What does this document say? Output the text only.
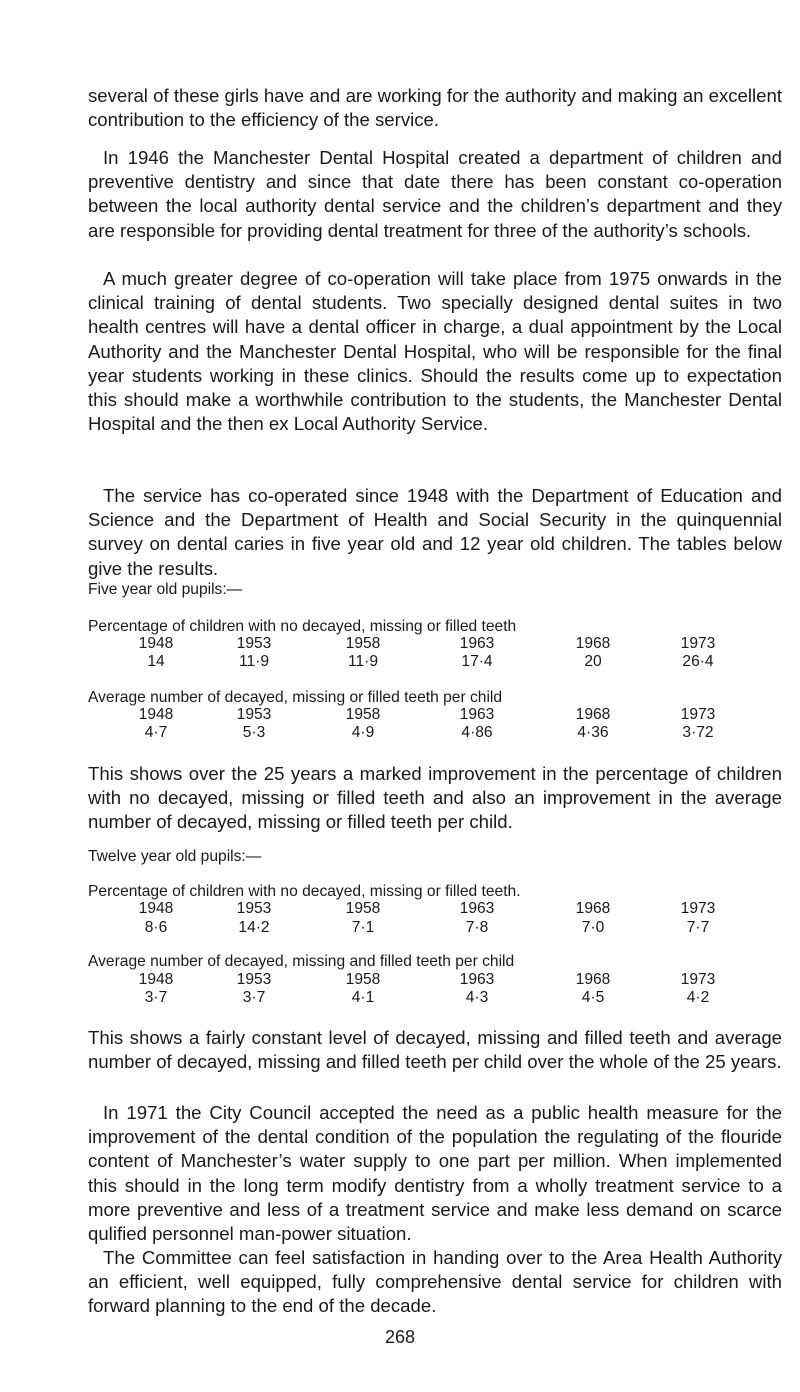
several of these girls have and are working for the authority and making an excellent contribution to the efficiency of the service.

In 1946 the Manchester Dental Hospital created a department of children and preventive dentistry and since that date there has been constant co-operation between the local authority dental service and the children’s department and they are responsible for providing dental treatment for three of the authority’s schools.

A much greater degree of co-operation will take place from 1975 onwards in the clinical training of dental students. Two specially designed dental suites in two health centres will have a dental officer in charge, a dual appointment by the Local Authority and the Manchester Dental Hospital, who will be responsible for the final year students working in these clinics. Should the results come up to expectation this should make a worthwhile contribution to the students, the Manchester Dental Hospital and the then ex Local Authority Service.

The service has co-operated since 1948 with the Department of Education and Science and the Department of Health and Social Security in the quinquennial survey on dental caries in five year old and 12 year old children. The tables below give the results.

Five year old pupils:—

Percentage of children with no decayed, missing or filled teeth

1948	1953	1958	1963	1968	1973
14	11·9	11·9	17·4	20	26·4

Average number of decayed, missing or filled teeth per child

1948	1953	1958	1963	1968	1973
4·7	5·3	4·9	4·86	4·36	3·72

This shows over the 25 years a marked improvement in the percentage of children with no decayed, missing or filled teeth and also an improvement in the average number of decayed, missing or filled teeth per child.

Twelve year old pupils:—

Percentage of children with no decayed, missing or filled teeth.

1948	1953	1958	1963	1968	1973
8·6	14·2	7·1	7·8	7·0	7·7

Average number of decayed, missing and filled teeth per child

1948	1953	1958	1963	1968	1973
3·7	3·7	4·1	4·3	4·5	4·2

This shows a fairly constant level of decayed, missing and filled teeth and average number of decayed, missing and filled teeth per child over the whole of the 25 years.

In 1971 the City Council accepted the need as a public health measure for the improvement of the dental condition of the population the regulating of the flouride content of Manchester’s water supply to one part per million. When implemented this should in the long term modify dentistry from a wholly treatment service to a more preventive and less of a treatment service and make less demand on scarce qulified personnel man-power situation.

The Committee can feel satisfaction in handing over to the Area Health Authority an efficient, well equipped, fully comprehensive dental service for children with forward planning to the end of the decade.

268
